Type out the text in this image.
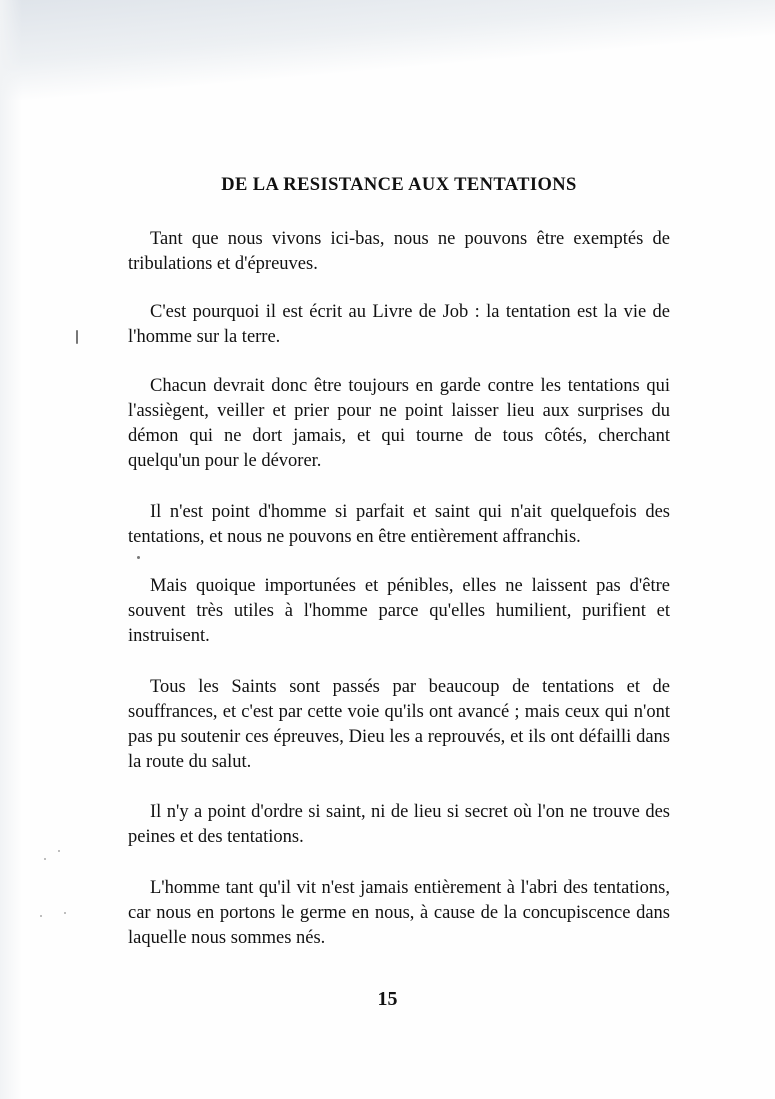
DE LA RESISTANCE AUX TENTATIONS

Tant que nous vivons ici-bas, nous ne pouvons être exemptés de tribulations et d'épreuves.

C'est pourquoi il est écrit au Livre de Job : la tentation est la vie de l'homme sur la terre.

Chacun devrait donc être toujours en garde contre les tentations qui l'assiègent, veiller et prier pour ne point laisser lieu aux surprises du démon qui ne dort jamais, et qui tourne de tous côtés, cherchant quelqu'un pour le dévorer.

Il n'est point d'homme si parfait et saint qui n'ait quelquefois des tentations, et nous ne pouvons en être entièrement affranchis.

Mais quoique importunées et pénibles, elles ne laissent pas d'être souvent très utiles à l'homme parce qu'elles humilient, purifient et instruisent.

Tous les Saints sont passés par beaucoup de tentations et de souffrances, et c'est par cette voie qu'ils ont avancé ; mais ceux qui n'ont pas pu soutenir ces épreuves, Dieu les a reprouvés, et ils ont défailli dans la route du salut.

Il n'y a point d'ordre si saint, ni de lieu si secret où l'on ne trouve des peines et des tentations.

L'homme tant qu'il vit n'est jamais entièrement à l'abri des tentations, car nous en portons le germe en nous, à cause de la concupiscence dans laquelle nous sommes nés.

15
